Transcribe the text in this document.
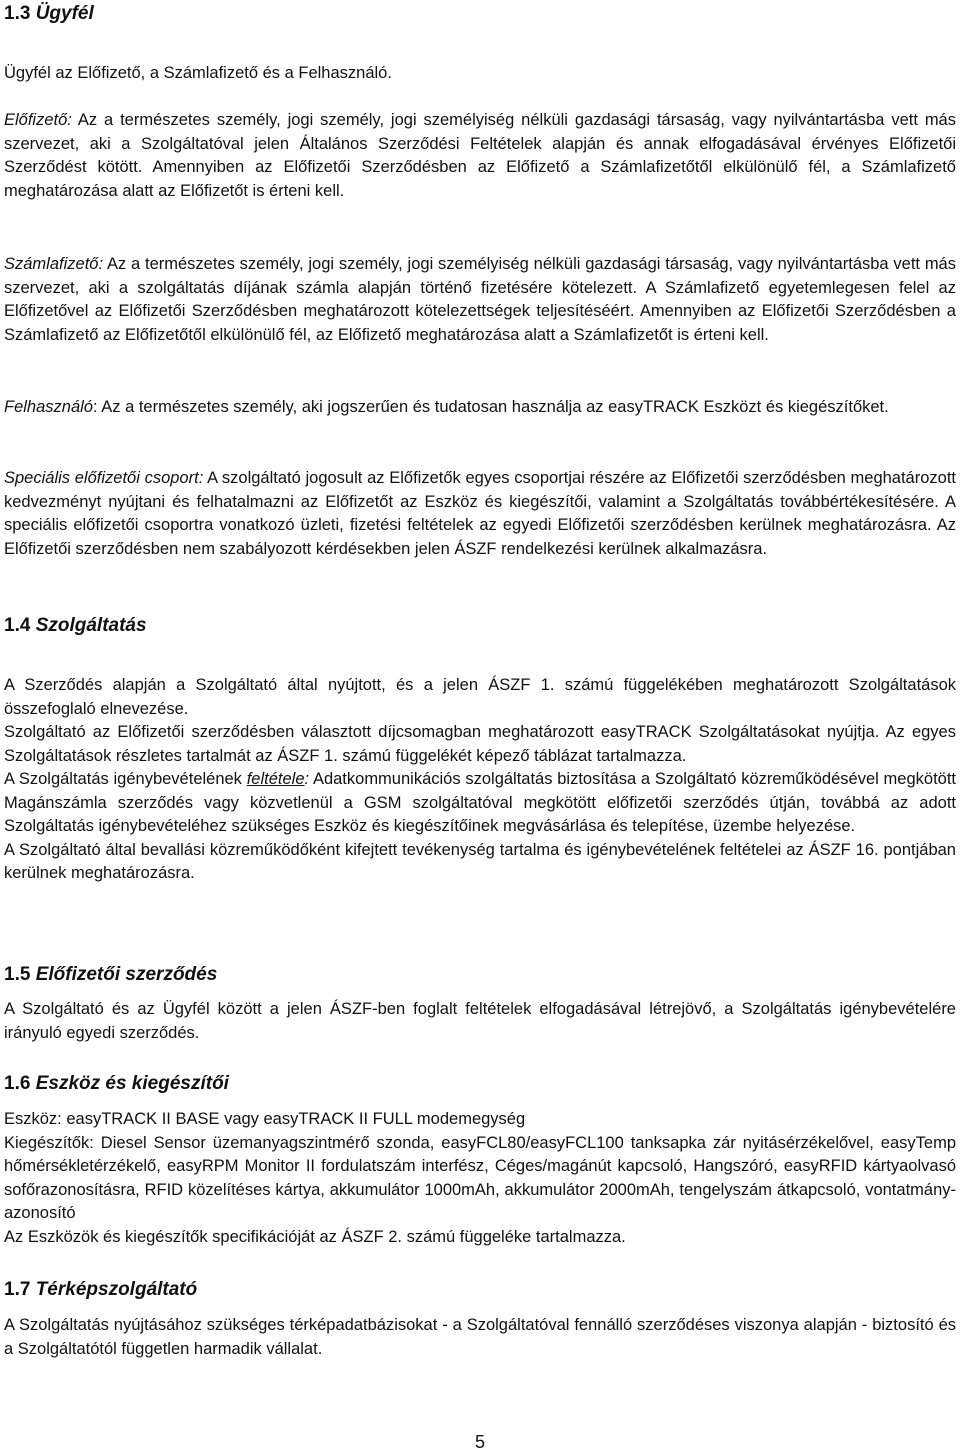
1.3 Ügyfél

Ügyfél az Előfizető, a Számlafizető és a Felhasználó.

Előfizető: Az a természetes személy, jogi személy, jogi személyiség nélküli gazdasági társaság, vagy nyilvántartásba vett más szervezet, aki a Szolgáltatóval jelen Általános Szerződési Feltételek alapján és annak elfogadásával érvényes Előfizetői Szerződést kötött. Amennyiben az Előfizetői Szerződésben az Előfizető a Számlafizetőtől elkülönülő fél, a Számlafizető meghatározása alatt az Előfizetőt is érteni kell.

Számlafizető: Az a természetes személy, jogi személy, jogi személyiség nélküli gazdasági társaság, vagy nyilvántartásba vett más szervezet, aki a szolgáltatás díjának számla alapján történő fizetésére kötelezett. A Számlafizető egyetemlegesen felel az Előfizetővel az Előfizetői Szerződésben meghatározott kötelezettségek teljesítéséért. Amennyiben az Előfizetői Szerződésben a Számlafizető az Előfizetőtől elkülönülő fél, az Előfizető meghatározása alatt a Számlafizetőt is érteni kell.

Felhasználó: Az a természetes személy, aki jogszerűen és tudatosan használja az easyTRACK Eszközt és kiegészítőket.

Speciális előfizetői csoport: A szolgáltató jogosult az Előfizetők egyes csoportjai részére az Előfizetői szerződésben meghatározott kedvezményt nyújtani és felhatalmazni az Előfizetőt az Eszköz és kiegészítői, valamint a Szolgáltatás továbbértékesítésére. A speciális előfizetői csoportra vonatkozó üzleti, fizetési feltételek az egyedi Előfizetői szerződésben kerülnek meghatározásra. Az Előfizetői szerződésben nem szabályozott kérdésekben jelen ÁSZF rendelkezési kerülnek alkalmazásra.

1.4 Szolgáltatás

A Szerződés alapján a Szolgáltató által nyújtott, és a jelen ÁSZF 1. számú függelékében meghatározott Szolgáltatások összefoglaló elnevezése.

Szolgáltató az Előfizetői szerződésben választott díjcsomagban meghatározott easyTRACK Szolgáltatásokat nyújtja. Az egyes Szolgáltatások részletes tartalmát az ÁSZF 1. számú függelékét képező táblázat tartalmazza.

A Szolgáltatás igénybevételének feltétele: Adatkommunikációs szolgáltatás biztosítása a Szolgáltató közreműködésével megkötött Magánszámla szerződés vagy közvetlenül a GSM szolgáltatóval megkötött előfizetői szerződés útján, továbbá az adott Szolgáltatás igénybevételéhez szükséges Eszköz és kiegészítőinek megvásárlása és telepítése, üzembe helyezése.

A Szolgáltató által bevallási közreműködőként kifejtett tevékenység tartalma és igénybevételének feltételei az ÁSZF 16. pontjában kerülnek meghatározásra.

1.5 Előfizetői szerződés

A Szolgáltató és az Ügyfél között a jelen ÁSZF-ben foglalt feltételek elfogadásával létrejövő, a Szolgáltatás igénybevételére irányuló egyedi szerződés.

1.6 Eszköz és kiegészítői

Eszköz: easyTRACK II BASE vagy easyTRACK II FULL modemegység

Kiegészítők: Diesel Sensor üzemanyagszintmérő szonda, easyFCL80/easyFCL100 tanksapka zár nyitásérzékelővel, easyTemp hőmérsékletérzékelő, easyRPM Monitor II fordulatszám interfész, Céges/magánút kapcsoló, Hangszóró, easyRFID kártyaolvasó sofőrazonosításra, RFID közelítéses kártya, akkumulátor 1000mAh, akkumulátor 2000mAh, tengelyszám átkapcsoló, vontatmány-azonosító

Az Eszközök és kiegészítők specifikációját az ÁSZF 2. számú függeléke tartalmazza.

1.7 Térképszolgáltató

A Szolgáltatás nyújtásához szükséges térképadatbázisokat - a Szolgáltatóval fennálló szerződéses viszonya alapján - biztosító és a Szolgáltatótól független harmadik vállalat.

5
